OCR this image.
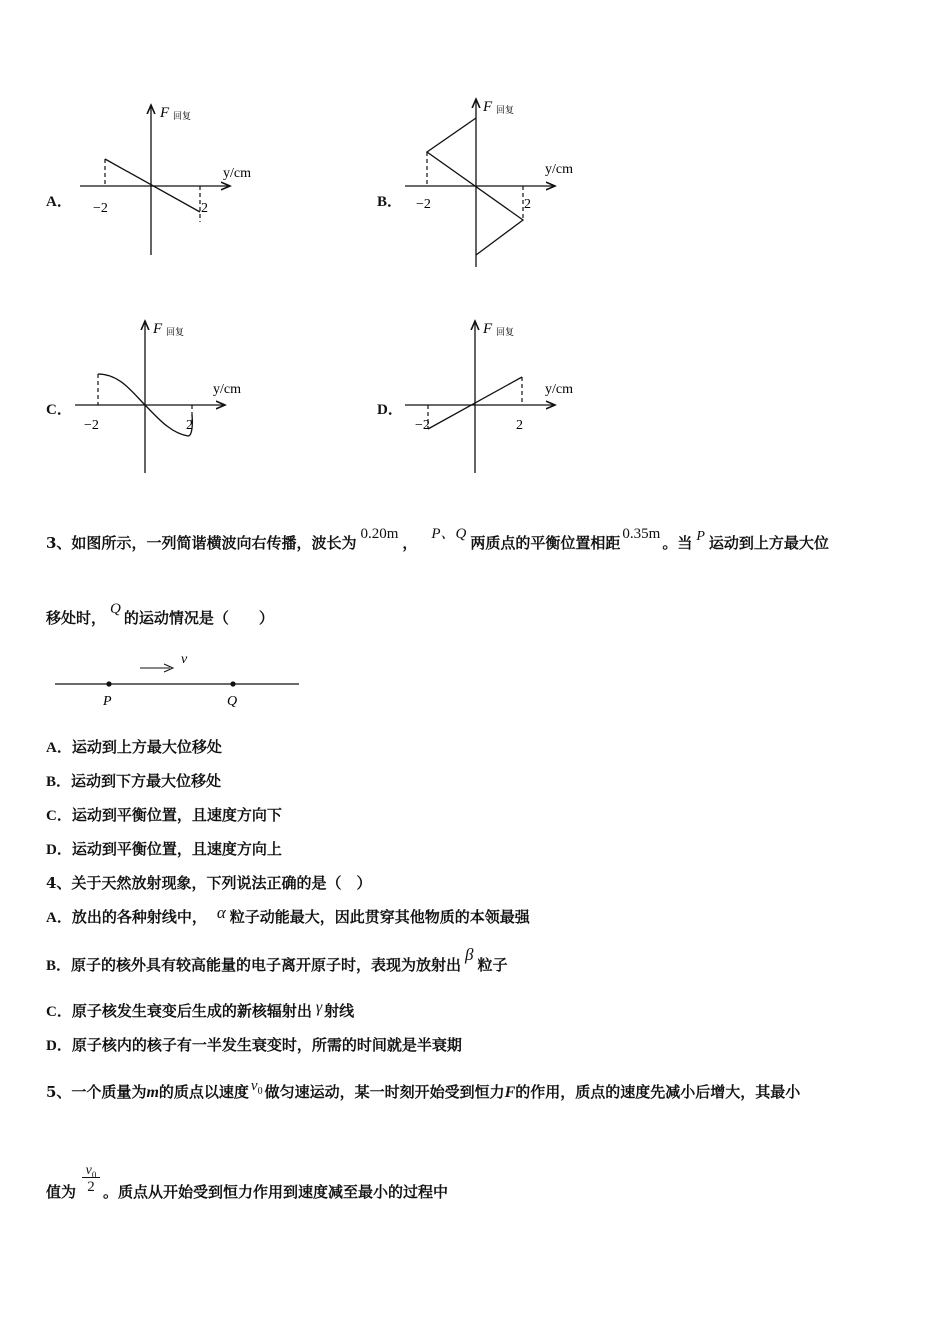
A．
F 回复
y/cm
−2	2	B．
F 回复
y/cm
−2	2
C．
F 回复
y/cm
−2	2
D．
F 回复
y/cm
−2	2
3、如图所示，一列简谐横波向右传播，波长为 0.20m ， P、Q 两质点的平衡位置相距 0.35m 。当 P 运动到上方最大位
移处时， Q 的运动情况是（　　）
v
P	Q
A．运动到上方最大位移处
B．运动到下方最大位移处
C．运动到平衡位置，且速度方向下
D．运动到平衡位置，且速度方向上
4、关于天然放射现象，下列说法正确的是（　）
A．放出的各种射线中， α 粒子动能最大，因此贯穿其他物质的本领最强
B．原子的核外具有较高能量的电子离开原子时，表现为放射出β粒子
C．原子核发生衰变后生成的新核辐射出 γ 射线
D．原子核内的核子有一半发生衰变时，所需的时间就是半衰期
5、一个质量为m的质点以速度 $v_0$ 做匀速运动，某一时刻开始受到恒力F的作用，质点的速度先减小后增大，其最小
值为
$v_0$
2 。质点从开始受到恒力作用到速度减至最小的过程中
